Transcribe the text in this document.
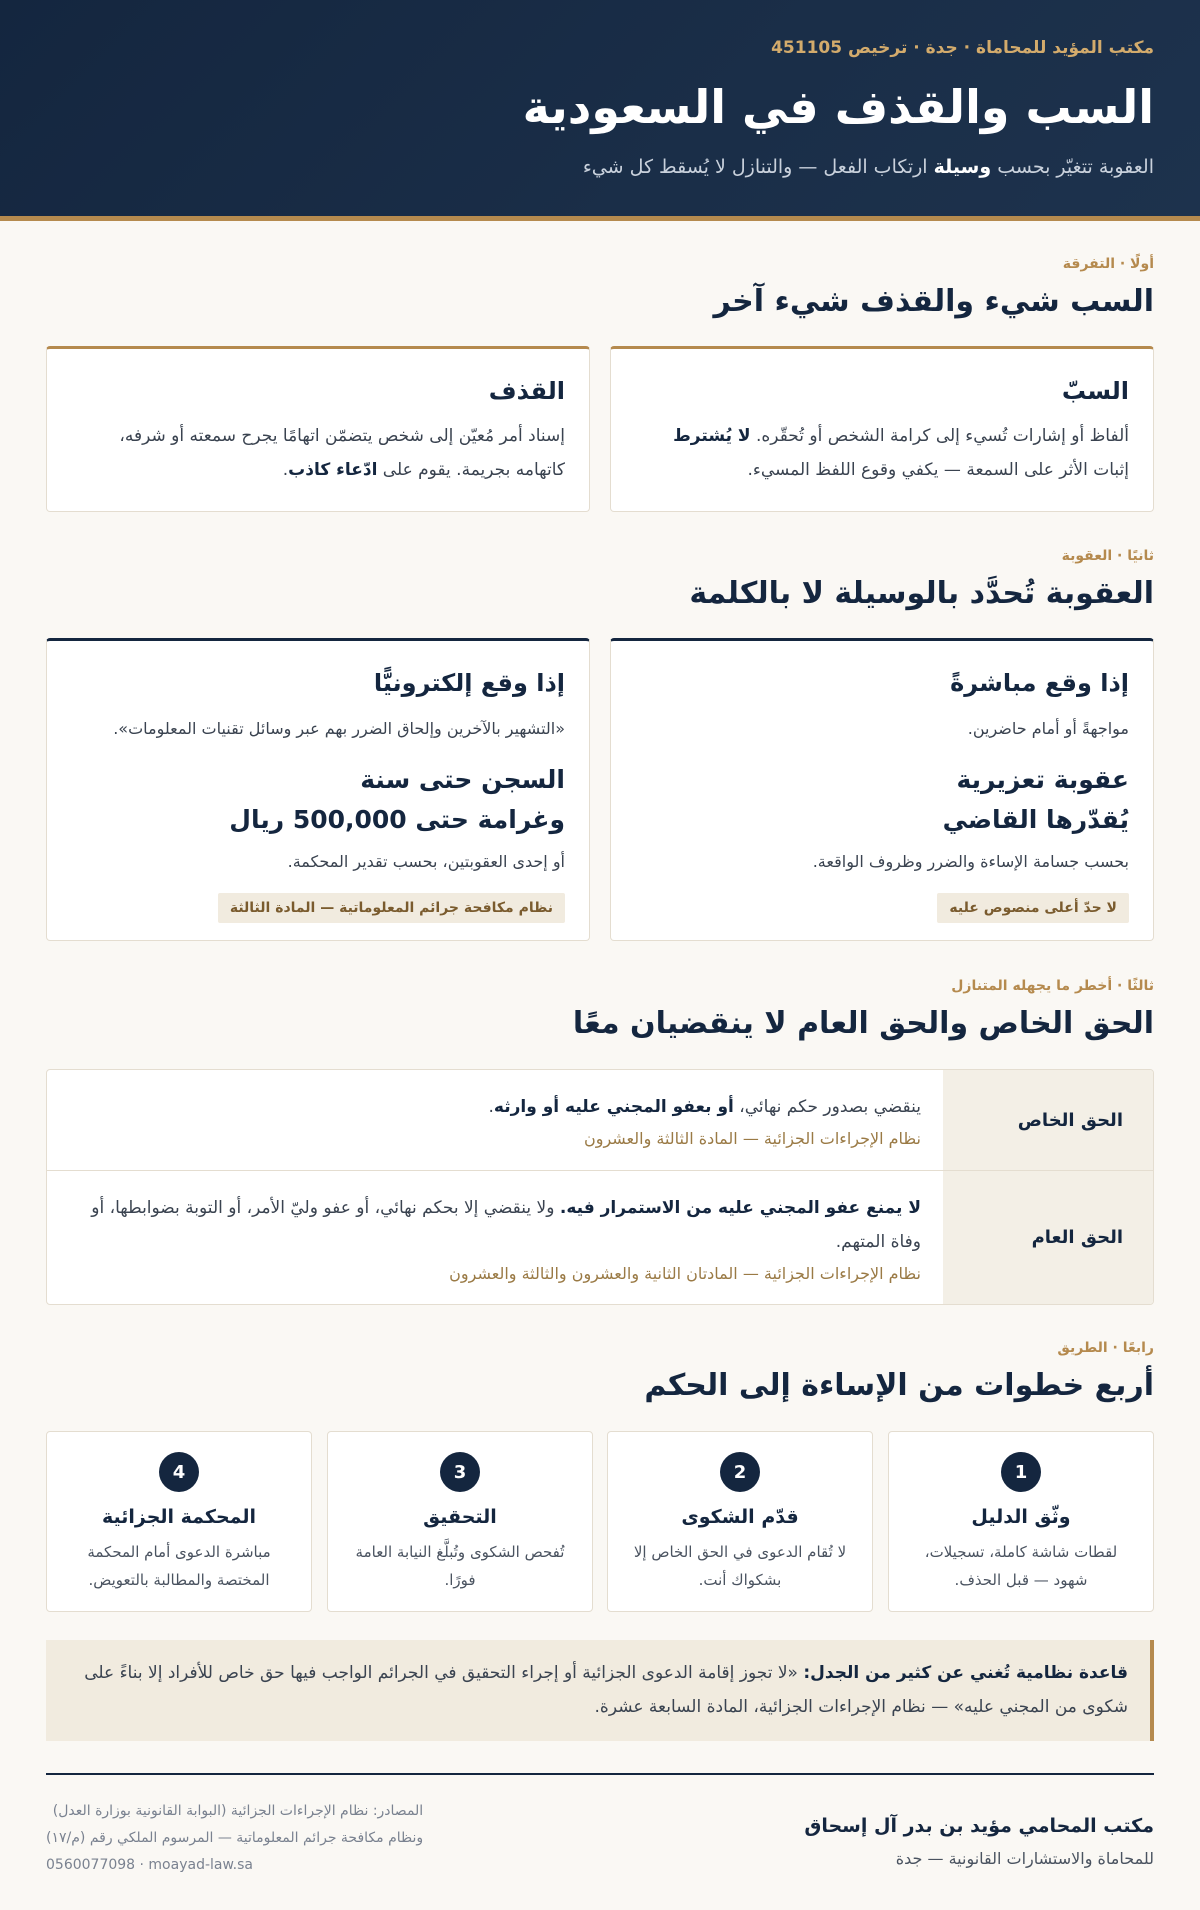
مكتب المؤيد للمحاماة · جدة · ترخيص 451105
السب والقذف في السعودية
العقوبة تتغيّر بحسب وسيلة ارتكاب الفعل — والتنازل لا يُسقط كل شيء
أولًا · التفرقة
السب شيء والقذف شيء آخر
السبّ

ألفاظ أو إشارات تُسيء إلى كرامة الشخص أو تُحقّره. لا يُشترط إثبات الأثر على السمعة — يكفي وقوع اللفظ المسيء.

القذف

إسناد أمر مُعيّن إلى شخص يتضمّن اتهامًا يجرح سمعته أو شرفه، كاتهامه بجريمة. يقوم على ادّعاء كاذب.

ثانيًا · العقوبة
العقوبة تُحدَّد بالوسيلة لا بالكلمة
إذا وقع مباشرةً
مواجهةً أو أمام حاضرين.
عقوبة تعزيرية
يُقدّرها القاضي
بحسب جسامة الإساءة والضرر وظروف الواقعة.
لا حدّ أعلى منصوص عليه
إذا وقع إلكترونيًّا
«التشهير بالآخرين وإلحاق الضرر بهم عبر وسائل تقنيات المعلومات».
السجن حتى سنة
وغرامة حتى 500,000 ريال
أو إحدى العقوبتين، بحسب تقدير المحكمة.
نظام مكافحة جرائم المعلوماتية — المادة الثالثة
ثالثًا · أخطر ما يجهله المتنازل
الحق الخاص والحق العام لا ينقضيان معًا
الحق الخاص
ينقضي بصدور حكم نهائي، أو بعفو المجني عليه أو وارثه.
نظام الإجراءات الجزائية — المادة الثالثة والعشرون
الحق العام
لا يمنع عفو المجني عليه من الاستمرار فيه. ولا ينقضي إلا بحكم نهائي، أو عفو وليّ الأمر، أو التوبة بضوابطها، أو وفاة المتهم.
نظام الإجراءات الجزائية — المادتان الثانية والعشرون والثالثة والعشرون
رابعًا · الطريق
أربع خطوات من الإساءة إلى الحكم
1
وثّق الدليل

لقطات شاشة كاملة، تسجيلات، شهود — قبل الحذف.

2
قدّم الشكوى

لا تُقام الدعوى في الحق الخاص إلا بشكواك أنت.

3
التحقيق

تُفحص الشكوى وتُبلَّغ النيابة العامة فورًا.

4
المحكمة الجزائية

مباشرة الدعوى أمام المحكمة المختصة والمطالبة بالتعويض.

قاعدة نظامية تُغني عن كثير من الجدل: «لا تجوز إقامة الدعوى الجزائية أو إجراء التحقيق في الجرائم الواجب فيها حق خاص للأفراد إلا بناءً على شكوى من المجني عليه» — نظام الإجراءات الجزائية، المادة السابعة عشرة.
مكتب المحامي مؤيد بن بدر آل إسحاق
للمحاماة والاستشارات القانونية — جدة
المصادر: نظام الإجراءات الجزائية (البوابة القانونية بوزارة العدل)
ونظام مكافحة جرائم المعلوماتية — المرسوم الملكي رقم (م/١٧)
0560077098 · moayad-law.sa
